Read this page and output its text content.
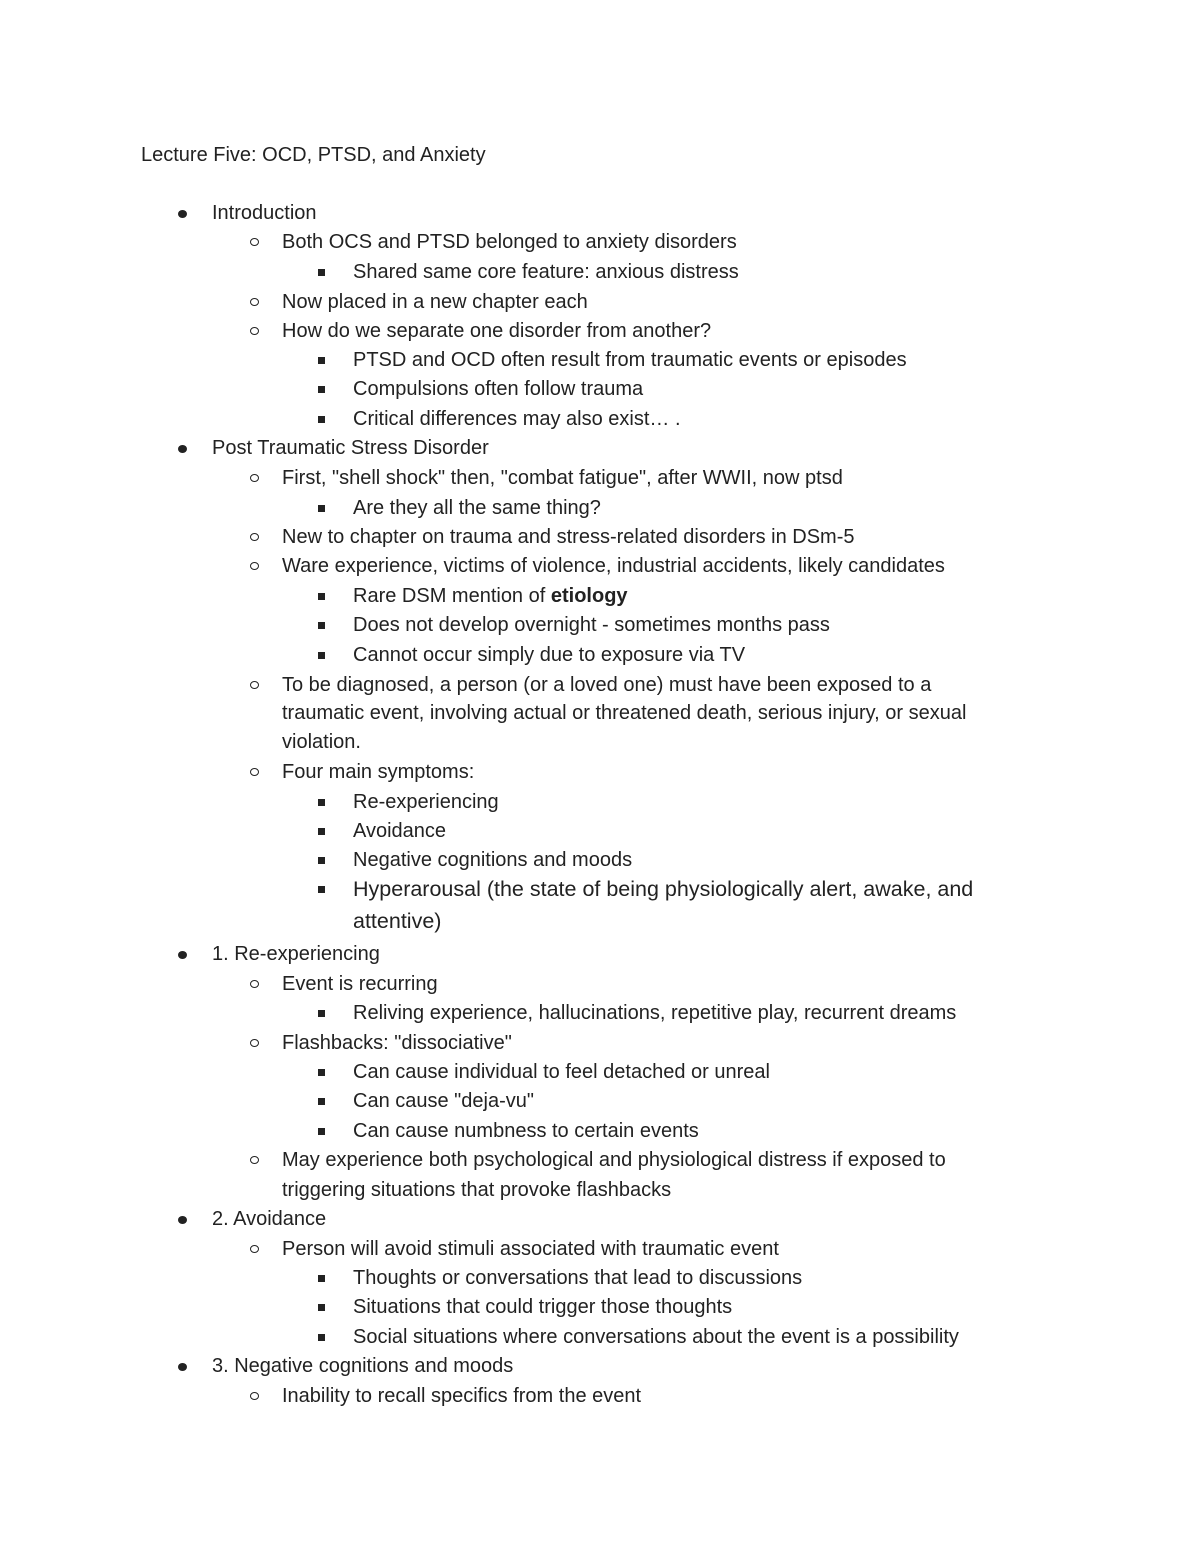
Lecture Five: OCD, PTSD, and Anxiety
Introduction
Both OCS and PTSD belonged to anxiety disorders
Shared same core feature: anxious distress
Now placed in a new chapter each
How do we separate one disorder from another?
PTSD and OCD often result from traumatic events or episodes
Compulsions often follow trauma
Critical differences may also exist… .
Post Traumatic Stress Disorder
First, "shell shock" then, "combat fatigue", after WWII, now ptsd
Are they all the same thing?
New to chapter on trauma and stress-related disorders in DSm-5
Ware experience, victims of violence, industrial accidents, likely candidates
Rare DSM mention of etiology
Does not develop overnight - sometimes months pass
Cannot occur simply due to exposure via TV
To be diagnosed, a person (or a loved one) must have been exposed to a
traumatic event, involving actual or threatened death, serious injury, or sexual
violation.
Four main symptoms:
Re-experiencing
Avoidance
Negative cognitions and moods
Hyperarousal (the state of being physiologically alert, awake, and
attentive)
1. Re-experiencing
Event is recurring
Reliving experience, hallucinations, repetitive play, recurrent dreams
Flashbacks: "dissociative"
Can cause individual to feel detached or unreal
Can cause "deja-vu"
Can cause numbness to certain events
May experience both psychological and physiological distress if exposed to
triggering situations that provoke flashbacks
2. Avoidance
Person will avoid stimuli associated with traumatic event
Thoughts or conversations that lead to discussions
Situations that could trigger those thoughts
Social situations where conversations about the event is a possibility
3. Negative cognitions and moods
Inability to recall specifics from the event
